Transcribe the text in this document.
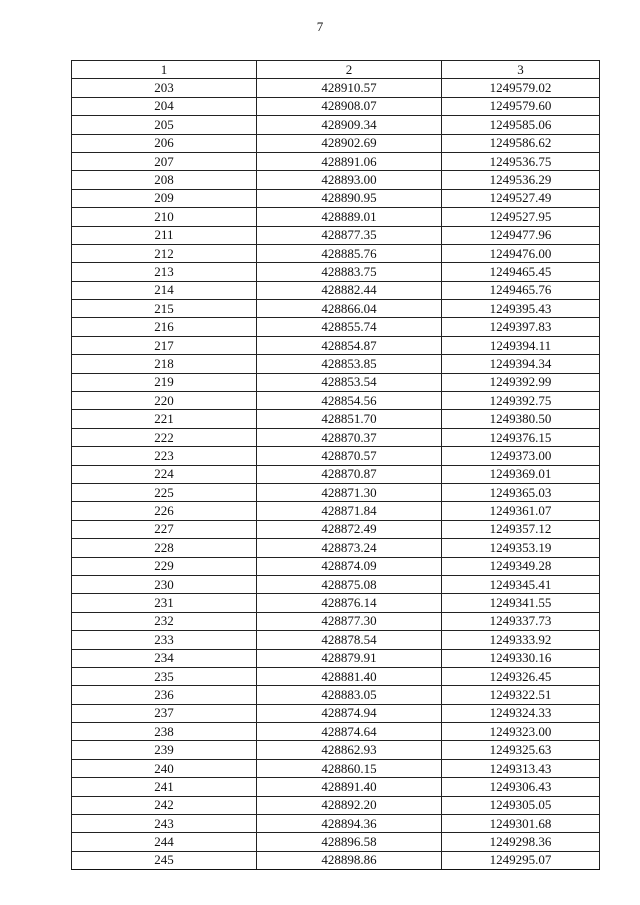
7
1	2	3
203	428910.57	1249579.02
204	428908.07	1249579.60
205	428909.34	1249585.06
206	428902.69	1249586.62
207	428891.06	1249536.75
208	428893.00	1249536.29
209	428890.95	1249527.49
210	428889.01	1249527.95
211	428877.35	1249477.96
212	428885.76	1249476.00
213	428883.75	1249465.45
214	428882.44	1249465.76
215	428866.04	1249395.43
216	428855.74	1249397.83
217	428854.87	1249394.11
218	428853.85	1249394.34
219	428853.54	1249392.99
220	428854.56	1249392.75
221	428851.70	1249380.50
222	428870.37	1249376.15
223	428870.57	1249373.00
224	428870.87	1249369.01
225	428871.30	1249365.03
226	428871.84	1249361.07
227	428872.49	1249357.12
228	428873.24	1249353.19
229	428874.09	1249349.28
230	428875.08	1249345.41
231	428876.14	1249341.55
232	428877.30	1249337.73
233	428878.54	1249333.92
234	428879.91	1249330.16
235	428881.40	1249326.45
236	428883.05	1249322.51
237	428874.94	1249324.33
238	428874.64	1249323.00
239	428862.93	1249325.63
240	428860.15	1249313.43
241	428891.40	1249306.43
242	428892.20	1249305.05
243	428894.36	1249301.68
244	428896.58	1249298.36
245	428898.86	1249295.07
